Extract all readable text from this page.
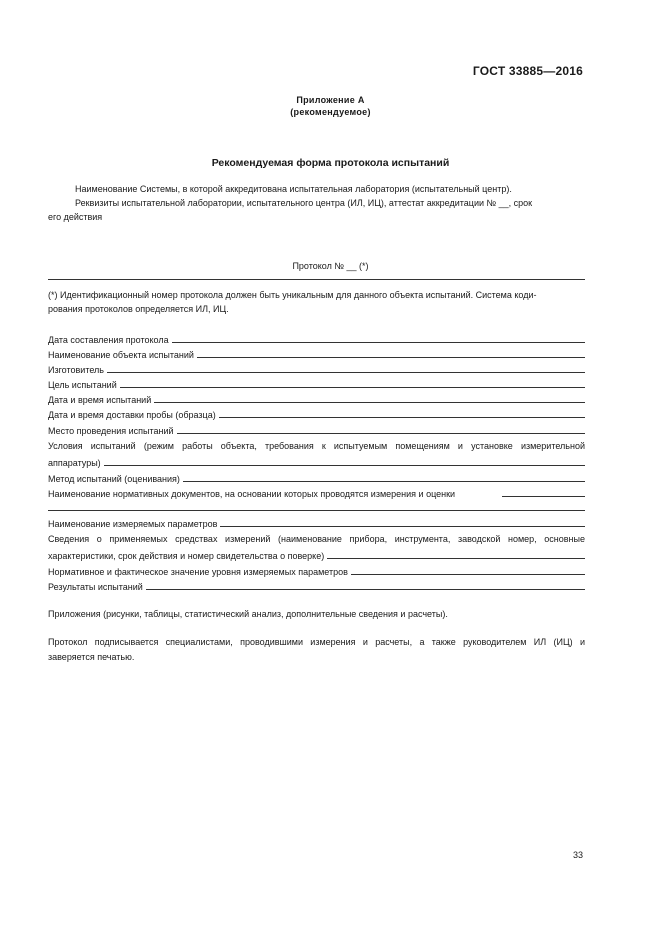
ГОСТ 33885—2016
Приложение А
(рекомендуемое)
Рекомендуемая форма протокола испытаний
Наименование Системы, в которой аккредитована испытательная лаборатория (испытательный центр).
Реквизиты испытательной лаборатории, испытательного центра (ИЛ, ИЦ), аттестат аккредитации № __, срок
его действия
Протокол № __ (*)
(*) Идентификационный номер протокола должен быть уникальным для данного объекта испытаний. Система коди-
рования протоколов определяется ИЛ, ИЦ.
Дата составления протокола
Наименование объекта испытаний
Изготовитель
Цель испытаний
Дата и время испытаний
Дата и время доставки пробы (образца)
Место проведения испытаний
Условия испытаний (режим работы объекта, требования к испытуемым помещениям и установке измерительной
аппаратуры)
Метод испытаний (оценивания)
Наименование нормативных документов, на основании которых проводятся измерения и оценки
Наименование измеряемых параметров
Сведения о применяемых средствах измерений (наименование прибора, инструмента, заводской номер, основные
характеристики, срок действия и номер свидетельства о поверке)
Нормативное и фактическое значение уровня измеряемых параметров
Результаты испытаний
Приложения (рисунки, таблицы, статистический анализ, дополнительные сведения и расчеты).
Протокол подписывается специалистами, проводившими измерения и расчеты, а также руководителем ИЛ (ИЦ) и
заверяется печатью.
33
